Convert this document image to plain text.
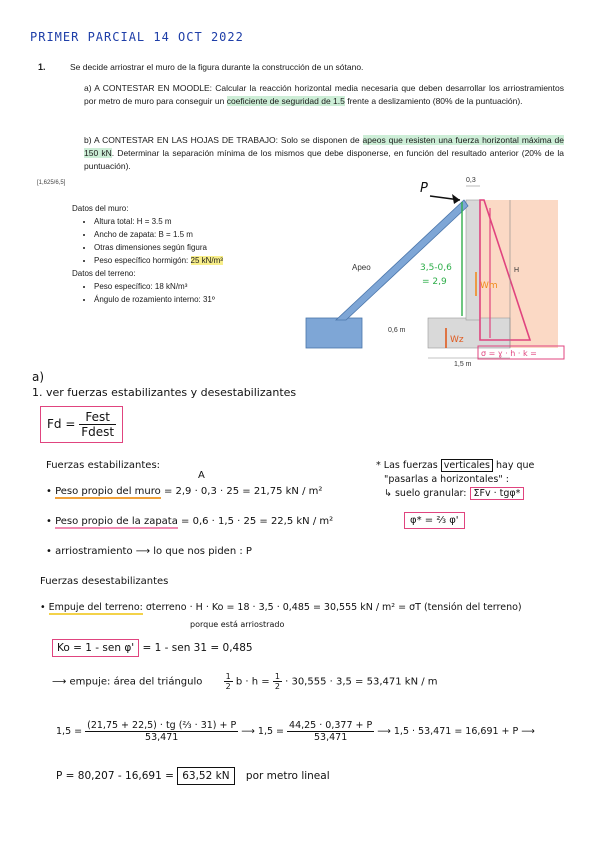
PRIMER PARCIAL 14 OCT 2022
1.	Se decide arriostrar el muro de la figura durante la construcción de un sótano.
a) A CONTESTAR EN MOODLE: Calcular la reacción horizontal media necesaria que deben desarrollar los arriostramientos por metro de muro para conseguir un coeficiente de seguridad de 1.5 frente a deslizamiento (80% de la puntuación).
b) A CONTESTAR EN LAS HOJAS DE TRABAJO: Solo se disponen de apeos que resisten una fuerza horizontal máxima de 150 kN. Determinar la separación mínima de los mismos que debe disponerse, en función del resultado anterior (20% de la puntuación).
[1,625/6,5]
Datos del muro:
• Altura total: H = 3.5 m
• Ancho de zapata: B = 1.5 m
• Otras dimensiones según figura
• Peso específico hormigón: 25 kN/m³
Datos del terreno:
• Peso específico: 18 kN/m³
• Ángulo de rozamiento interno: 31º
H
0,3
0,6 m
1,5 m
Apeo
P
3,5-0,6
= 2,9	Wm
Wz
σ = ɣ · h · k =
a)
1. ver fuerzas estabilizantes y desestabilizantes
$Fd = \frac{\text{Fest}}{\text{Fdest}}$
Fuerzas estabilizantes:
A
• Peso propio del muro = 2,9 · 0,3 · 25 = 21,75 kN / m²
• Peso propio de la zapata = 0,6 · 1,5 · 25 = 22,5 kN / m²
• arriostramiento ⟶ lo que nos piden : P
* Las fuerzas verticales hay que
"pasarlas a horizontales" :
↳ suelo granular: ΣFv · tgφ*
φ* = ⅔ φ'
Fuerzas desestabilizantes
• Empuje del terreno: σterreno · H · Ko = 18 · 3,5 · 0,485 = 30,555 kN / m² = σT (tensión del terreno)
porque está arriostrado
Ko = 1 - sen φ' = 1 - sen 31 = 0,485
⟶ empuje: área del triángulo	$\frac{1}{2}$ $b \cdot h = \frac{1}{2} \cdot 30,555 \cdot 3,5 = 53,471$ kN / m
$1,5 = \frac{\text{(21,75 + 22,5) · tg (⅔ · 31) + P}}{53,471}$ ⟶ $1,5 = \frac{44,25 \cdot 0,377 + P}{53,471}$ ⟶ 1,5 · 53,471 = 16,691 + P ⟶
P = 80,207 - 16,691 = 63,52 kN por metro lineal
